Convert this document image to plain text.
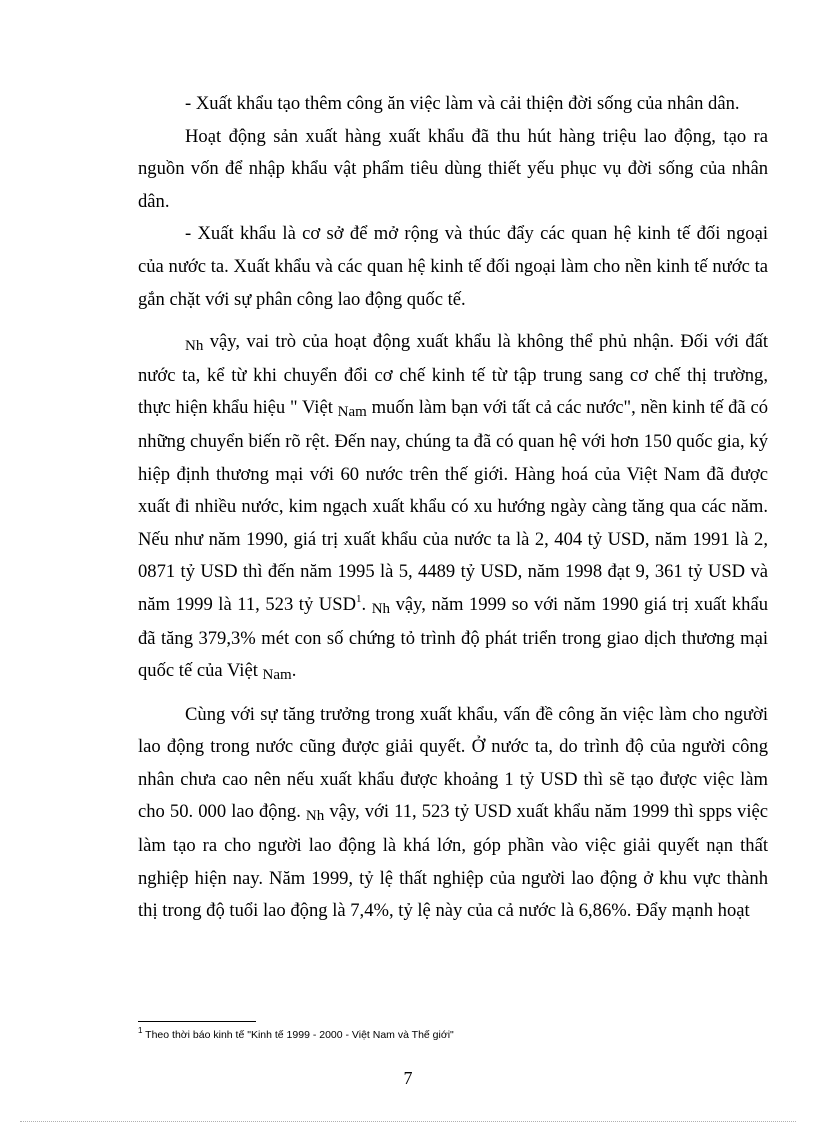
- Xuất khẩu tạo thêm công ăn việc làm và cải thiện đời sống của nhân dân.

Hoạt động sản xuất hàng xuất khẩu đã thu hút hàng triệu lao động, tạo ra nguồn vốn để nhập khẩu vật phẩm tiêu dùng thiết yếu phục vụ đời sống của nhân dân.

- Xuất khẩu là cơ sở để mở rộng và thúc đẩy các quan hệ kinh tế đối ngoại của nước ta. Xuất khẩu và các quan hệ kinh tế đối ngoại làm cho nền kinh tế nước ta gắn chặt với sự phân công lao động quốc tế.

Nh vậy, vai trò của hoạt động xuất khẩu là không thể phủ nhận. Đối với đất nước ta, kể từ khi chuyển đổi cơ chế kinh tế từ tập trung sang cơ chế thị trường, thực hiện khẩu hiệu " Việt Nam muốn làm bạn với tất cả các nước", nền kinh tế đã có những chuyển biến rõ rệt. Đến nay, chúng ta đã có quan hệ với hơn 150 quốc gia, ký hiệp định thương mại với 60 nước trên thế giới. Hàng hoá của Việt Nam đã được xuất đi nhiều nước, kim ngạch xuất khẩu có xu hướng ngày càng tăng qua các năm. Nếu như năm 1990, giá trị xuất khẩu của nước ta là 2, 404 tỷ USD, năm 1991 là 2, 0871 tỷ USD thì đến năm 1995 là 5, 4489 tỷ USD, năm 1998 đạt 9, 361 tỷ USD và năm 1999 là 11, 523 tỷ USD$^1$. Nh vậy, năm 1999 so với năm 1990 giá trị xuất khẩu đã tăng 379,3% mét con số chứng tỏ trình độ phát triển trong giao dịch thương mại quốc tế của Việt Nam.

Cùng với sự tăng trưởng trong xuất khẩu, vấn đề công ăn việc làm cho người lao động trong nước cũng được giải quyết. Ở nước ta, do trình độ của người công nhân chưa cao nên nếu xuất khẩu được khoảng 1 tỷ USD thì sẽ tạo được việc làm cho 50. 000 lao động. Nh vậy, với 11, 523 tỷ USD xuất khẩu năm 1999 thì spps việc làm tạo ra cho người lao động là khá lớn, góp phần vào việc giải quyết nạn thất nghiệp hiện nay. Năm 1999, tỷ lệ thất nghiệp của người lao động ở khu vực thành thị trong độ tuổi lao động là 7,4%, tỷ lệ này của cả nước là 6,86%. Đẩy mạnh hoạt

$^1$ Theo thời báo kinh tế "Kinh tế 1999 - 2000 - Việt Nam và Thế giới"
7
